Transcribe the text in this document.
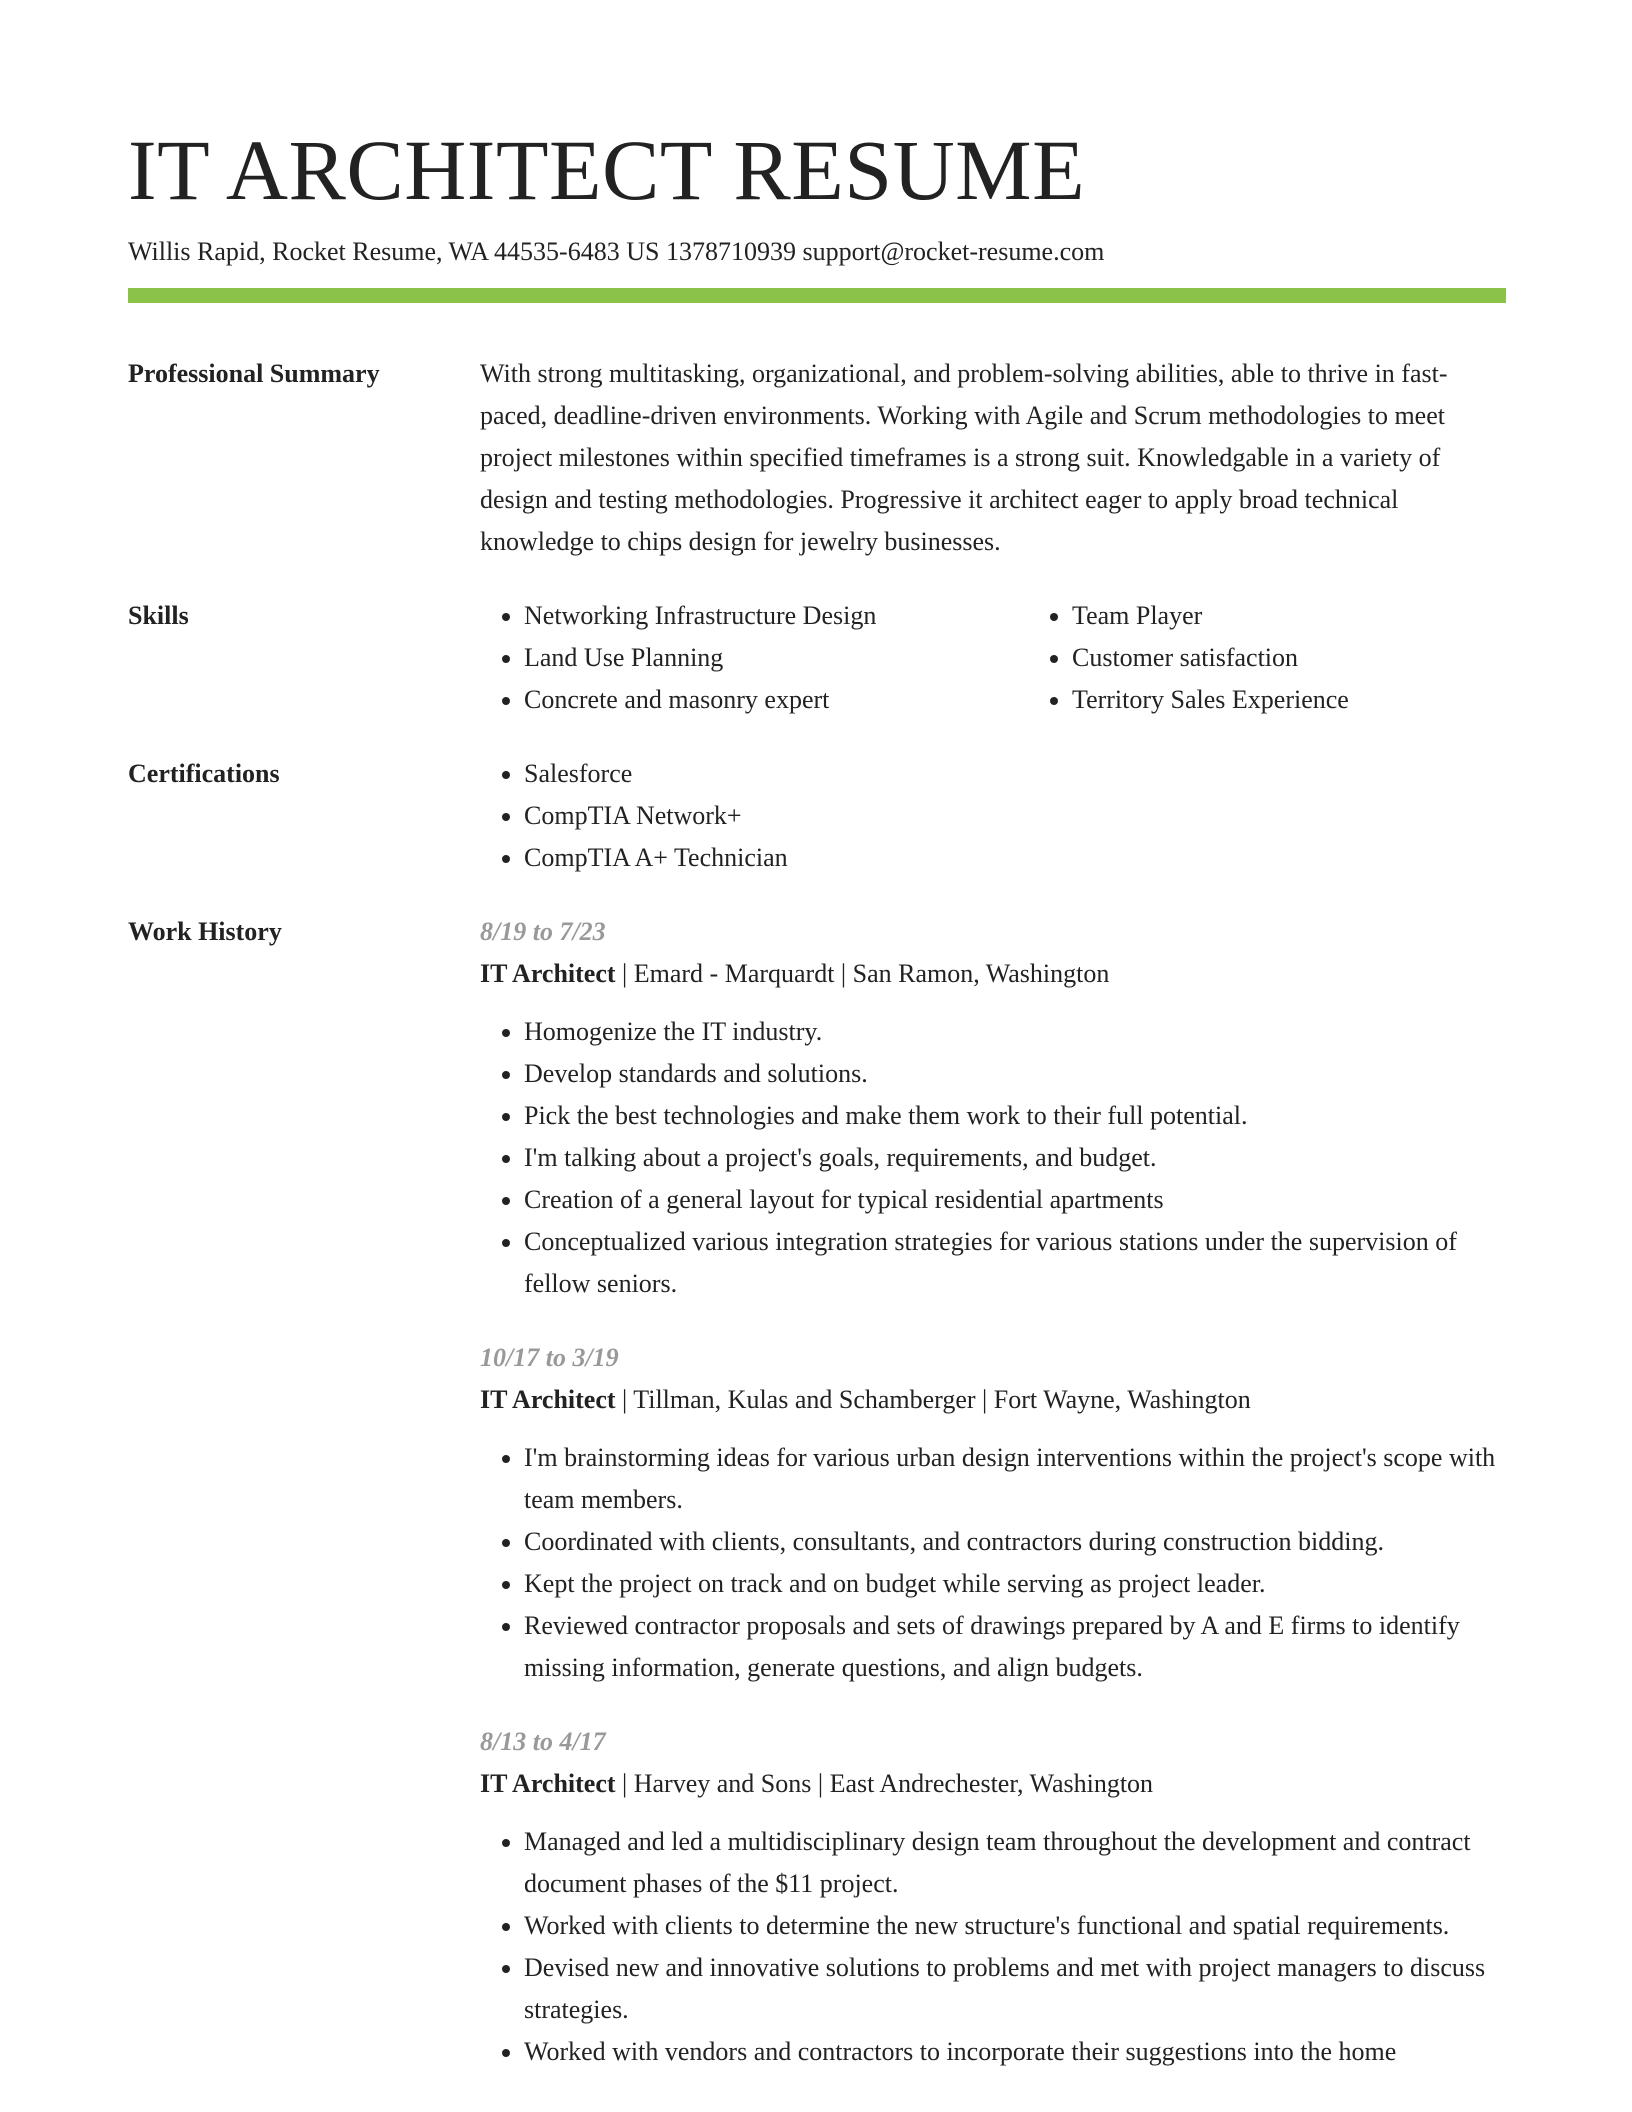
IT ARCHITECT RESUME
Willis Rapid, Rocket Resume, WA 44535-6483 US 1378710939 support@rocket-resume.com
Professional Summary	With strong multitasking, organizational, and problem-solving abilities, able to thrive in fast-paced, deadline-driven environments. Working with Agile and Scrum methodologies to meet project milestones within specified timeframes is a strong suit. Knowledgable in a variety of design and testing methodologies. Progressive it architect eager to apply broad technical knowledge to chips design for jewelry businesses.
Skills	• Networking Infrastructure Design
• Land Use Planning
• Concrete and masonry expert
• Team Player
• Customer satisfaction
• Territory Sales Experience
Certifications	• Salesforce
• CompTIA Network+
• CompTIA A+ Technician
Work History	8/19 to 7/23
IT Architect | Emard - Marquardt | San Ramon, Washington
• Homogenize the IT industry.
• Develop standards and solutions.
• Pick the best technologies and make them work to their full potential.
• I'm talking about a project's goals, requirements, and budget.
• Creation of a general layout for typical residential apartments
• Conceptualized various integration strategies for various stations under the supervision of fellow seniors.
10/17 to 3/19
IT Architect | Tillman, Kulas and Schamberger | Fort Wayne, Washington
• I'm brainstorming ideas for various urban design interventions within the project's scope with team members.
• Coordinated with clients, consultants, and contractors during construction bidding.
• Kept the project on track and on budget while serving as project leader.
• Reviewed contractor proposals and sets of drawings prepared by A and E firms to identify missing information, generate questions, and align budgets.
8/13 to 4/17
IT Architect | Harvey and Sons | East Andrechester, Washington
• Managed and led a multidisciplinary design team throughout the development and contract document phases of the $11 project.
• Worked with clients to determine the new structure's functional and spatial requirements.
• Devised new and innovative solutions to problems and met with project managers to discuss strategies.
• Worked with vendors and contractors to incorporate their suggestions into the home
